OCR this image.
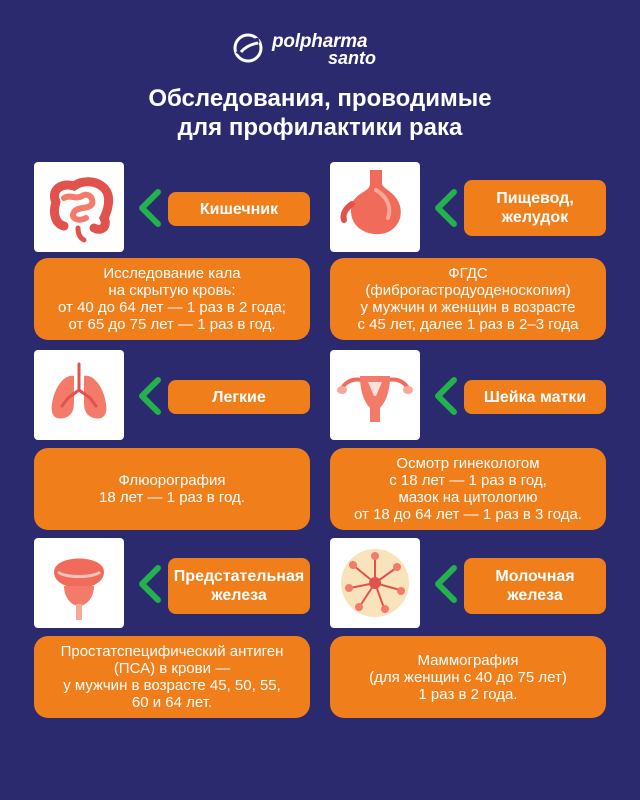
polpharma
santo
Обследования, проводимые
для профилактики рака
Кишечник
Исследование кала
на скрытую кровь:
от 40 до 64 лет — 1 раз в 2 года;
от 65 до 75 лет — 1 раз в год.
Пищевод,
желудок
ФГДС
(фиброгастродуоденоскопия)
у мужчин и женщин в возрасте
с 45 лет, далее 1 раз в 2–3 года
Легкие
Флюорография
18 лет — 1 раз в год.
Шейка матки
Осмотр гинекологом
с 18 лет — 1 раз в год,
мазок на цитологию
от 18 до 64 лет — 1 раз в 3 года.
Предстательная
железа
Простатспецифический антиген
(ПСА) в крови —
у мужчин в возрасте 45, 50, 55,
60 и 64 лет.
Молочная
железа
Маммография
(для женщин с 40 до 75 лет)
1 раз в 2 года.
